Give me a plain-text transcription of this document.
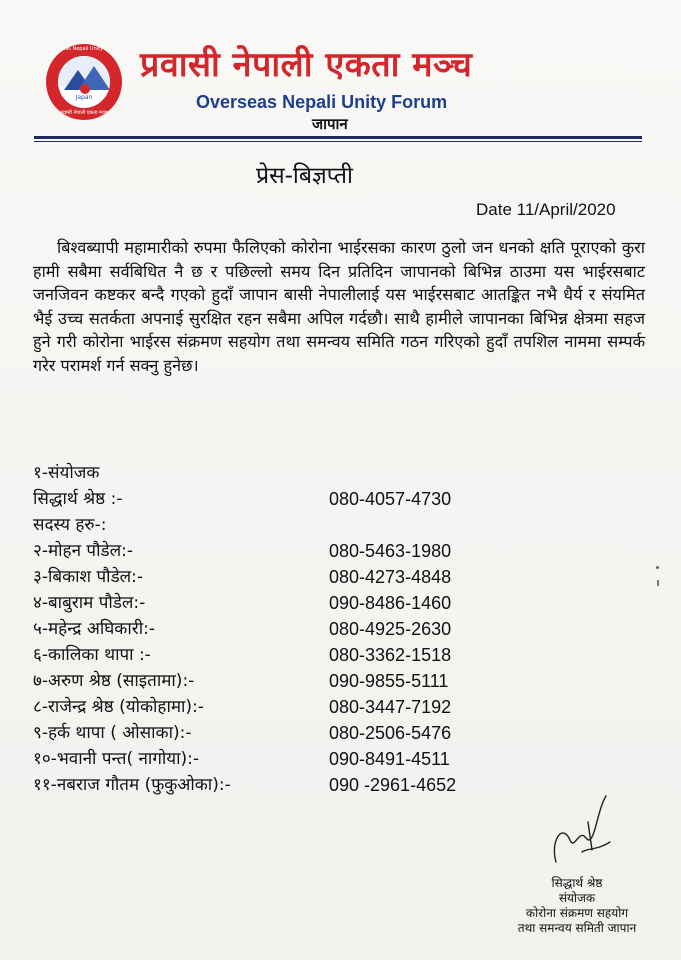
Overseas Nepali Unity Forum
Japan
प्रवासी नेपाली एकता मञ्च
प्रवासी नेपाली एकता मञ्च
Overseas Nepali Unity Forum
जापान
प्रेस-बिज्ञप्ती
Date 11/April/2020
बिश्वब्यापी महामारीको रुपमा फैलिएको कोरोना भाईरसका कारण ठुलो जन धनको क्षति पूराएको कुरा हामी सबैमा सर्वबिधित नै छ र पछिल्लो समय दिन प्रतिदिन जापानको बिभिन्न ठाउमा यस भाईरसबाट जनजिवन कष्टकर बन्दै गएको हुदाँ जापान बासी नेपालीलाई यस भाईरसबाट आतङ्कित नभै धैर्य र संयमित भैई उच्च सतर्कता अपनाई सुरक्षित रहन सबैमा अपिल गर्दछौ। साथै हामीले जापानका बिभिन्न क्षेत्रमा सहज हुने गरी कोरोना भाईरस संक्रमण सहयोग तथा समन्वय समिति गठन गरिएको हुदाँ तपशिल नाममा सम्पर्क गरेर परामर्श गर्न सक्नु हुनेछ।
१-संयोजक
सिद्धार्थ श्रेष्ठ :-	080-4057-4730
सदस्य हरु-:
२-मोहन पौडेल:-	080-5463-1980
३-बिकाश पौडेल:-	080-4273-4848
४-बाबुराम पौडेल:-	090-8486-1460
५-महेन्द्र अघिकारी:-	080-4925-2630
६-कालिका थापा :-	080-3362-1518
७-अरुण श्रेष्ठ (साइतामा):-	090-9855-5111
८-राजेन्द्र श्रेष्ठ (योकोहामा):-	080-3447-7192
९-हर्क थापा ( ओसाका):-	080-2506-5476
१०-भवानी पन्त( नागोया):-	090-8491-4511
११-नबराज गौतम (फुकुओका):-	090 -2961-4652
सिद्धार्थ श्रेष्ठ
संयोजक
कोरोना संक्रमण सहयोग
तथा समन्वय समिती जापान
